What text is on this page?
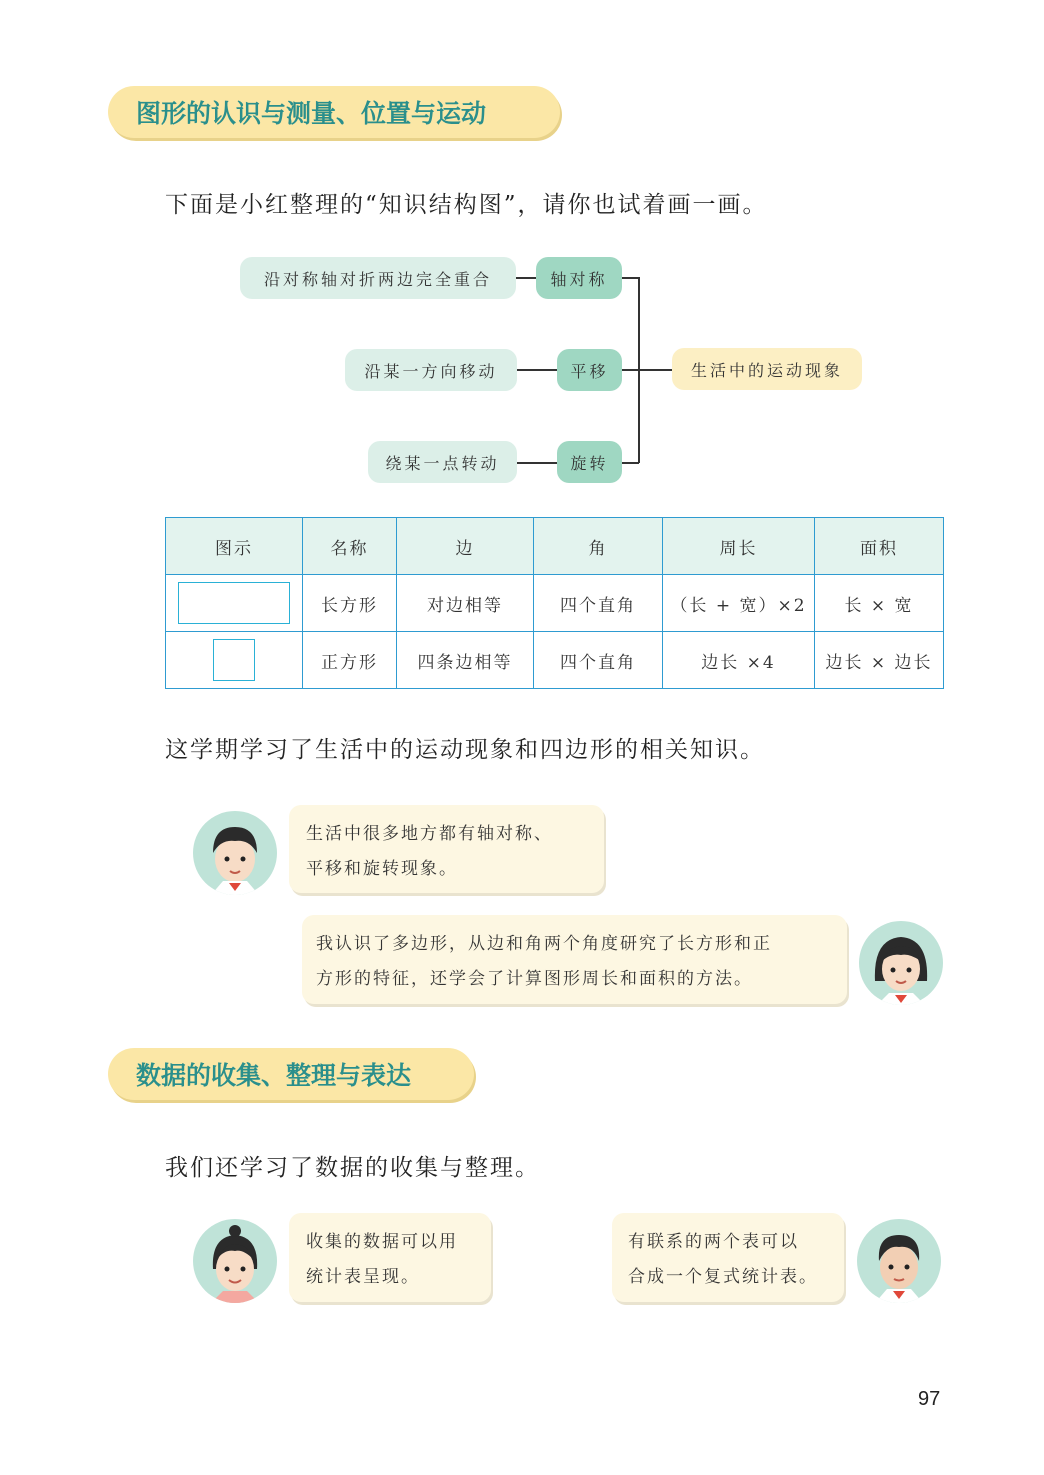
图形的认识与测量、位置与运动
下面是小红整理的“知识结构图”，请你也试着画一画。
沿对称轴对折两边完全重合	轴对称
沿某一方向移动	平移
绕某一点转动	旋转
生活中的运动现象
图示	名称	边	角	周长	面积
	长方形	对边相等	四个直角	（长 + 宽）×2	长 × 宽
	正方形	四条边相等	四个直角	边长 ×4	边长 × 边长
这学期学习了生活中的运动现象和四边形的相关知识。
生活中很多地方都有轴对称、
平移和旋转现象。
我认识了多边形，从边和角两个角度研究了长方形和正
方形的特征，还学会了计算图形周长和面积的方法。
数据的收集、整理与表达
我们还学习了数据的收集与整理。
收集的数据可以用
统计表呈现。
有联系的两个表可以
合成一个复式统计表。
97
